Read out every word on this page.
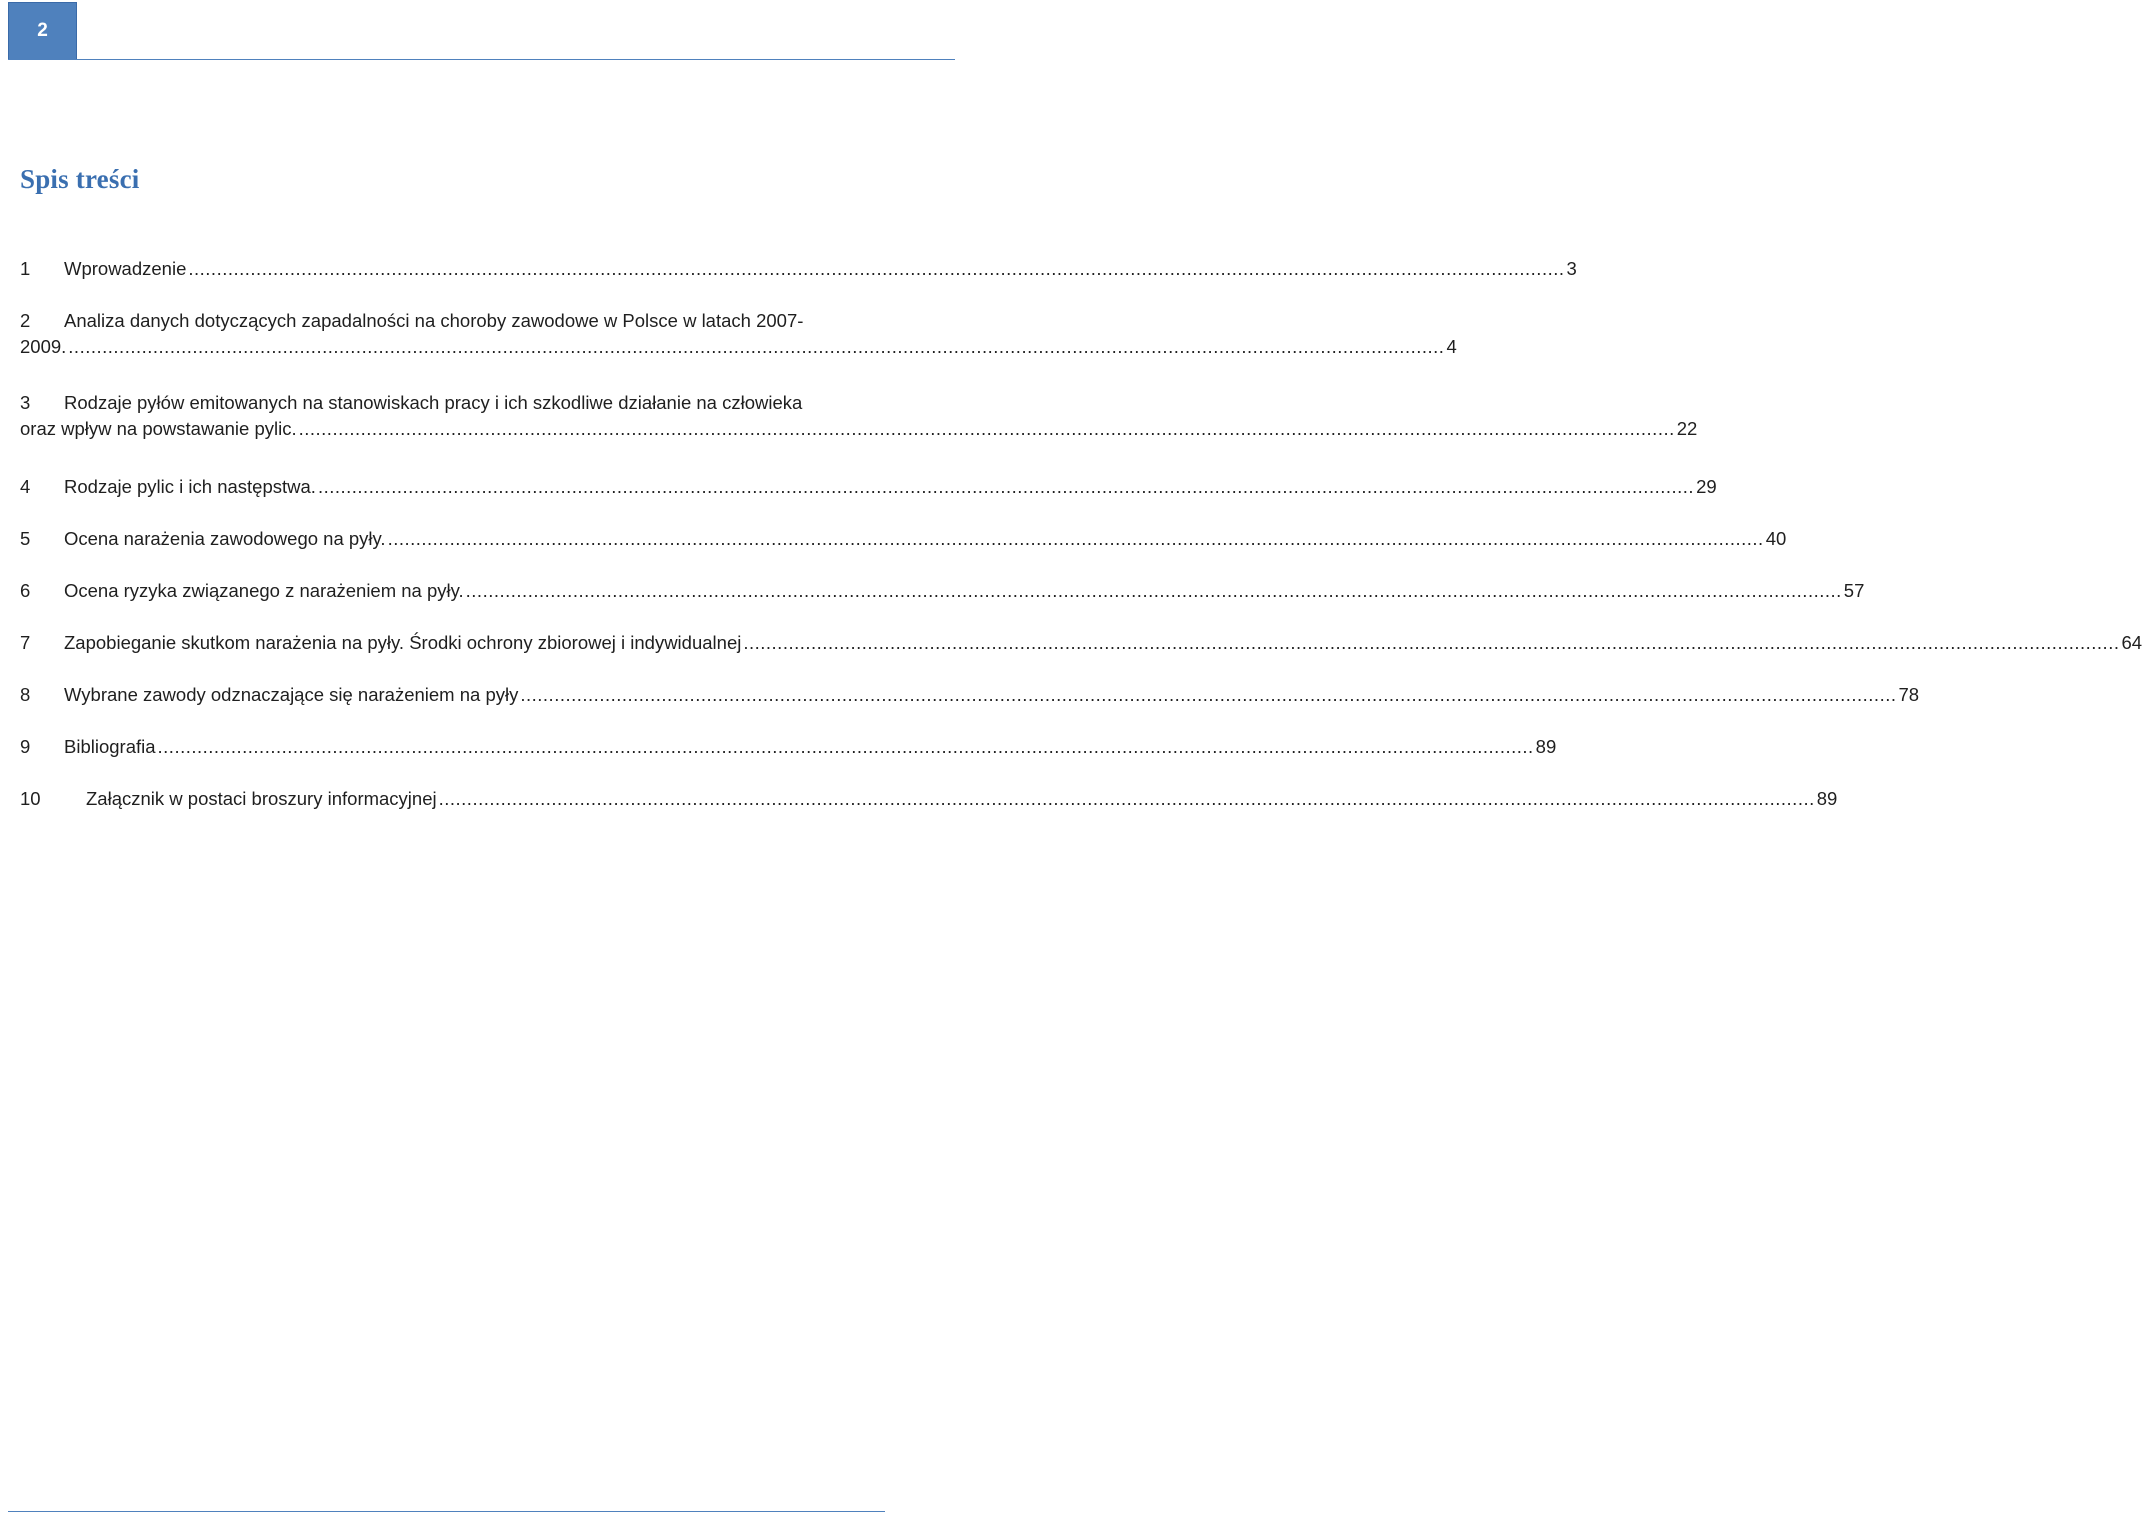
2
Spis treści
1	Wprowadzenie .....	3
2	Analiza danych dotyczących zapadalności na choroby zawodowe w Polsce w latach 2007-
2009. .....	4
3	Rodzaje pyłów emitowanych na stanowiskach pracy i ich szkodliwe działanie na człowieka
oraz wpływ na powstawanie pylic. .....	22
4	Rodzaje pylic i ich następstwa. .....	29
5	Ocena narażenia zawodowego na pyły. .....	40
6	Ocena ryzyka związanego z narażeniem na pyły. .....	57
7	Zapobieganie skutkom narażenia na pyły. Środki ochrony zbiorowej i indywidualnej .....	64
8	Wybrane zawody odznaczające się narażeniem na pyły .....	78
9	Bibliografia .....	89
10	Załącznik w postaci broszury informacyjnej .....	89
